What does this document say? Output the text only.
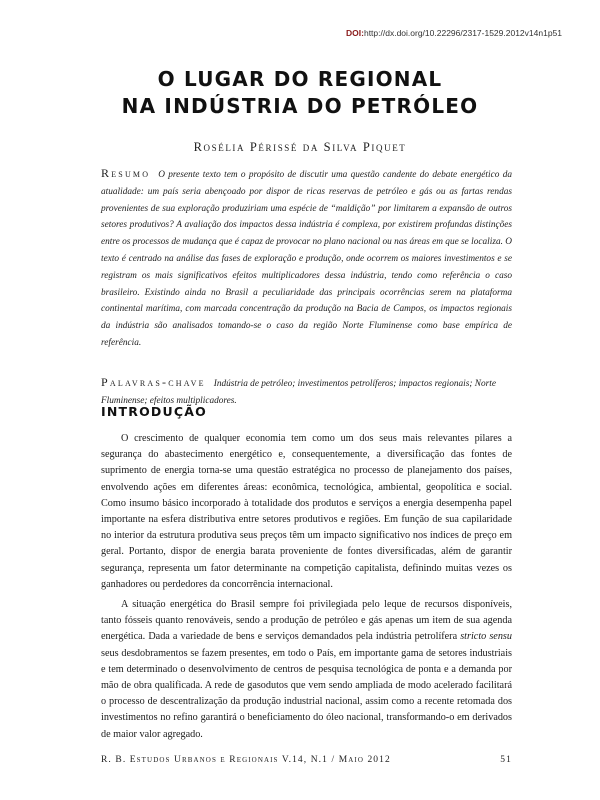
DOI:http://dx.doi.org/10.22296/2317-1529.2012v14n1p51
O LUGAR DO REGIONAL
NA INDÚSTRIA DO PETRÓLEO
Rosélia Périssé da Silva Piquet
Resumo O presente texto tem o propósito de discutir uma questão candente do debate energético da atualidade: um país seria abençoado por dispor de ricas reservas de petróleo e gás ou as fartas rendas provenientes de sua exploração produziriam uma espécie de “maldição” por limitarem a expansão de outros setores produtivos? A avaliação dos impactos dessa indústria é complexa, por existirem profundas distinções entre os processos de mudança que é capaz de provocar no plano nacional ou nas áreas em que se localiza. O texto é centrado na análise das fases de exploração e produção, onde ocorrem os maiores investimentos e se registram os mais significativos efeitos multiplicadores dessa indústria, tendo como referência o caso brasileiro. Existindo ainda no Brasil a peculiaridade das principais ocorrências serem na plataforma continental marítima, com marcada concentração da produção na Bacia de Campos, os impactos regionais da indústria são analisados tomando-se o caso da região Norte Fluminense como base empírica de referência.
Palavras-chave Indústria de petróleo; investimentos petrolíferos; impactos regionais; Norte Fluminense; efeitos multiplicadores.
INTRODUÇÃO

O crescimento de qualquer economia tem como um dos seus mais relevantes pilares a segurança do abastecimento energético e, consequentemente, a diversificação das fontes de suprimento de energia torna-se uma questão estratégica no processo de planejamento dos países, envolvendo ações em diferentes áreas: econômica, tecnológica, ambiental, geopolítica e social. Como insumo básico incorporado à totalidade dos produtos e serviços a energia desempenha papel importante na esfera distributiva entre setores produtivos e regiões. Em função de sua capilaridade no interior da estrutura produtiva seus preços têm um impacto significativo nos índices de preço em geral. Portanto, dispor de energia barata proveniente de fontes diversificadas, além de garantir segurança, representa um fator determinante na competição capitalista, definindo muitas vezes os ganhadores ou perdedores da concorrência internacional.

A situação energética do Brasil sempre foi privilegiada pelo leque de recursos disponíveis, tanto fósseis quanto renováveis, sendo a produção de petróleo e gás apenas um item de sua agenda energética. Dada a variedade de bens e serviços demandados pela indústria petrolífera stricto sensu seus desdobramentos se fazem presentes, em todo o País, em importante gama de setores industriais e tem determinado o desenvolvimento de centros de pesquisa tecnológica de ponta e a demanda por mão de obra qualificada. A rede de gasodutos que vem sendo ampliada de modo acelerado facilitará o processo de descentralização da produção industrial nacional, assim como a recente retomada dos investimentos no refino garantirá o beneficiamento do óleo nacional, transformando-o em derivados de maior valor agregado.

R. B. Estudos Urbanos e Regionais V.14, N.1 / Maio 2012	51
